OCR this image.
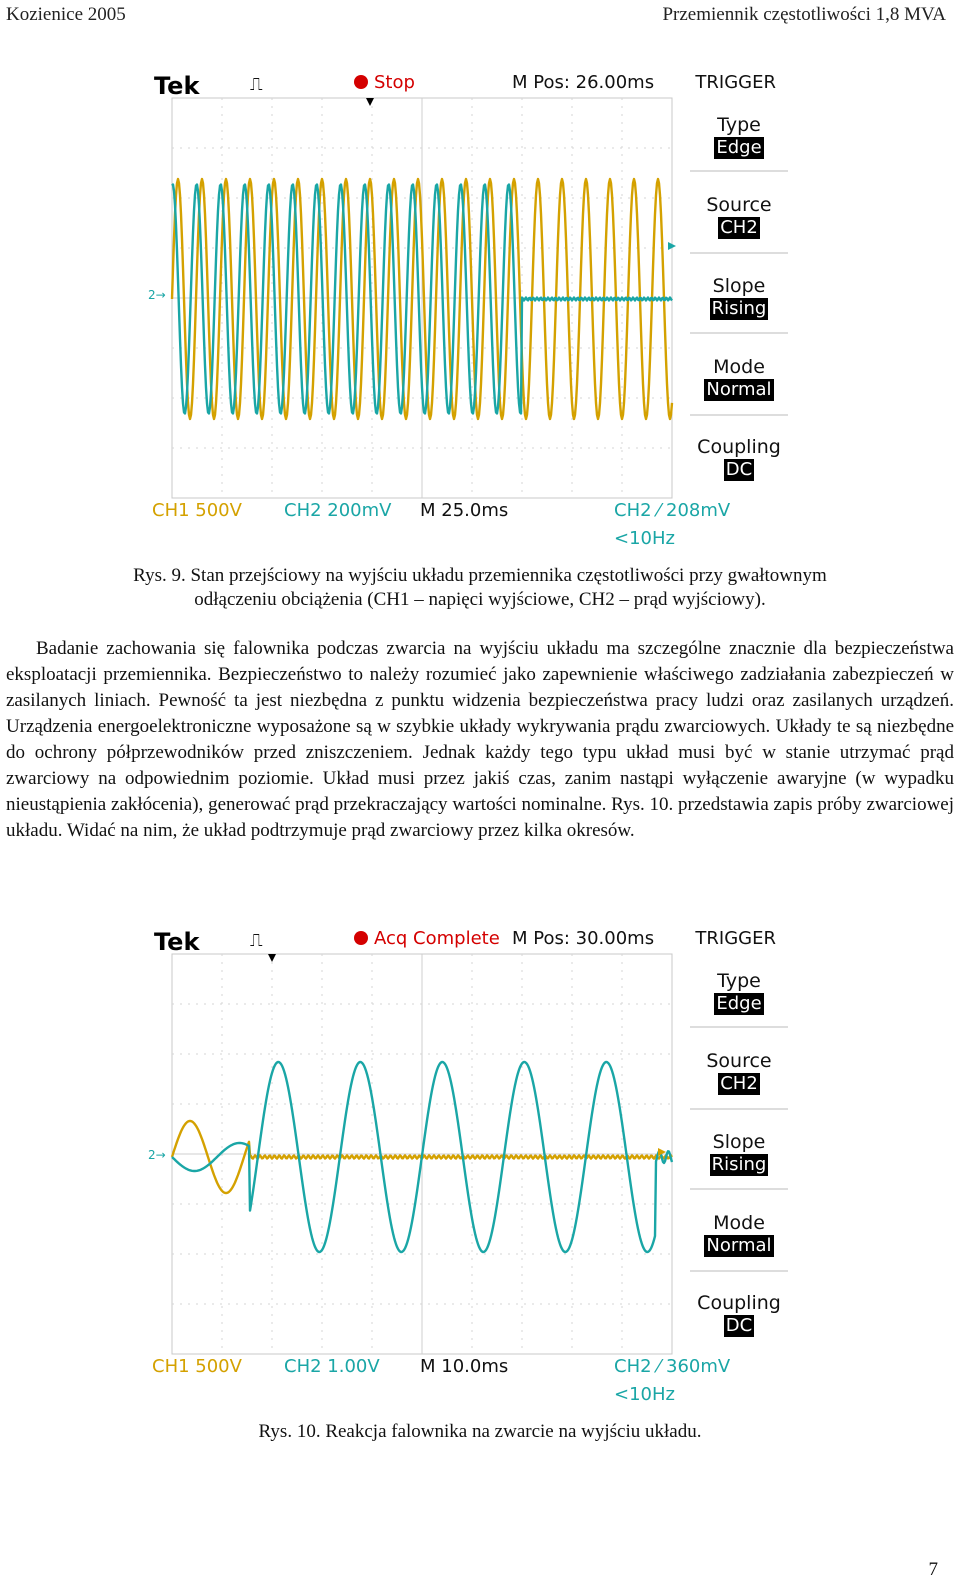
Kozienice 2005	Przemiennik częstotliwości 1,8 MVA
Tek	⎍	Stop	M Pos: 26.00ms TRIGGER
Type
Edge
Source
CH2
Slope
Rising
Mode
Normal
Coupling
DC
CH1 500V CH2 200mV M 25.0ms	CH2 ⁄ 208mV
<10Hz
2→
Rys. 9. Stan przejściowy na wyjściu układu przemiennika częstotliwości przy gwałtownym
odłączeniu obciążenia (CH1 – napięci wyjściowe, CH2 – prąd wyjściowy).

Badanie zachowania się falownika podczas zwarcia na wyjściu układu ma szczególne znacznie dla bezpieczeństwa eksploatacji przemiennika. Bezpieczeństwo to należy rozumieć jako zapewnienie właściwego zadziałania zabezpieczeń w zasilanych liniach. Pewność ta jest niezbędna z punktu widzenia bezpieczeństwa pracy ludzi oraz zasilanych urządzeń. Urządzenia energoelektroniczne wyposażone są w szybkie układy wykrywania prądu zwarciowych. Układy te są niezbędne do ochrony półprzewodników przed zniszczeniem. Jednak każdy tego typu układ musi być w stanie utrzymać prąd zwarciowy na odpowiednim poziomie. Układ musi przez jakiś czas, zanim nastąpi wyłączenie awaryjne (w wypadku nieustąpienia zakłócenia), generować prąd przekraczający wartości nominalne. Rys. 10. przedstawia zapis próby zwarciowej układu. Widać na nim, że układ podtrzymuje prąd zwarciowy przez kilka okresów.

Tek	⎍	Acq Complete M Pos: 30.00ms TRIGGER
Type
Edge
Source
CH2
Slope
Rising
Mode
Normal
Coupling
DC
CH1 500V CH2 1.00V M 10.0ms	CH2 ⁄ 360mV
<10Hz
2→
Rys. 10. Reakcja falownika na zwarcie na wyjściu układu.
7
